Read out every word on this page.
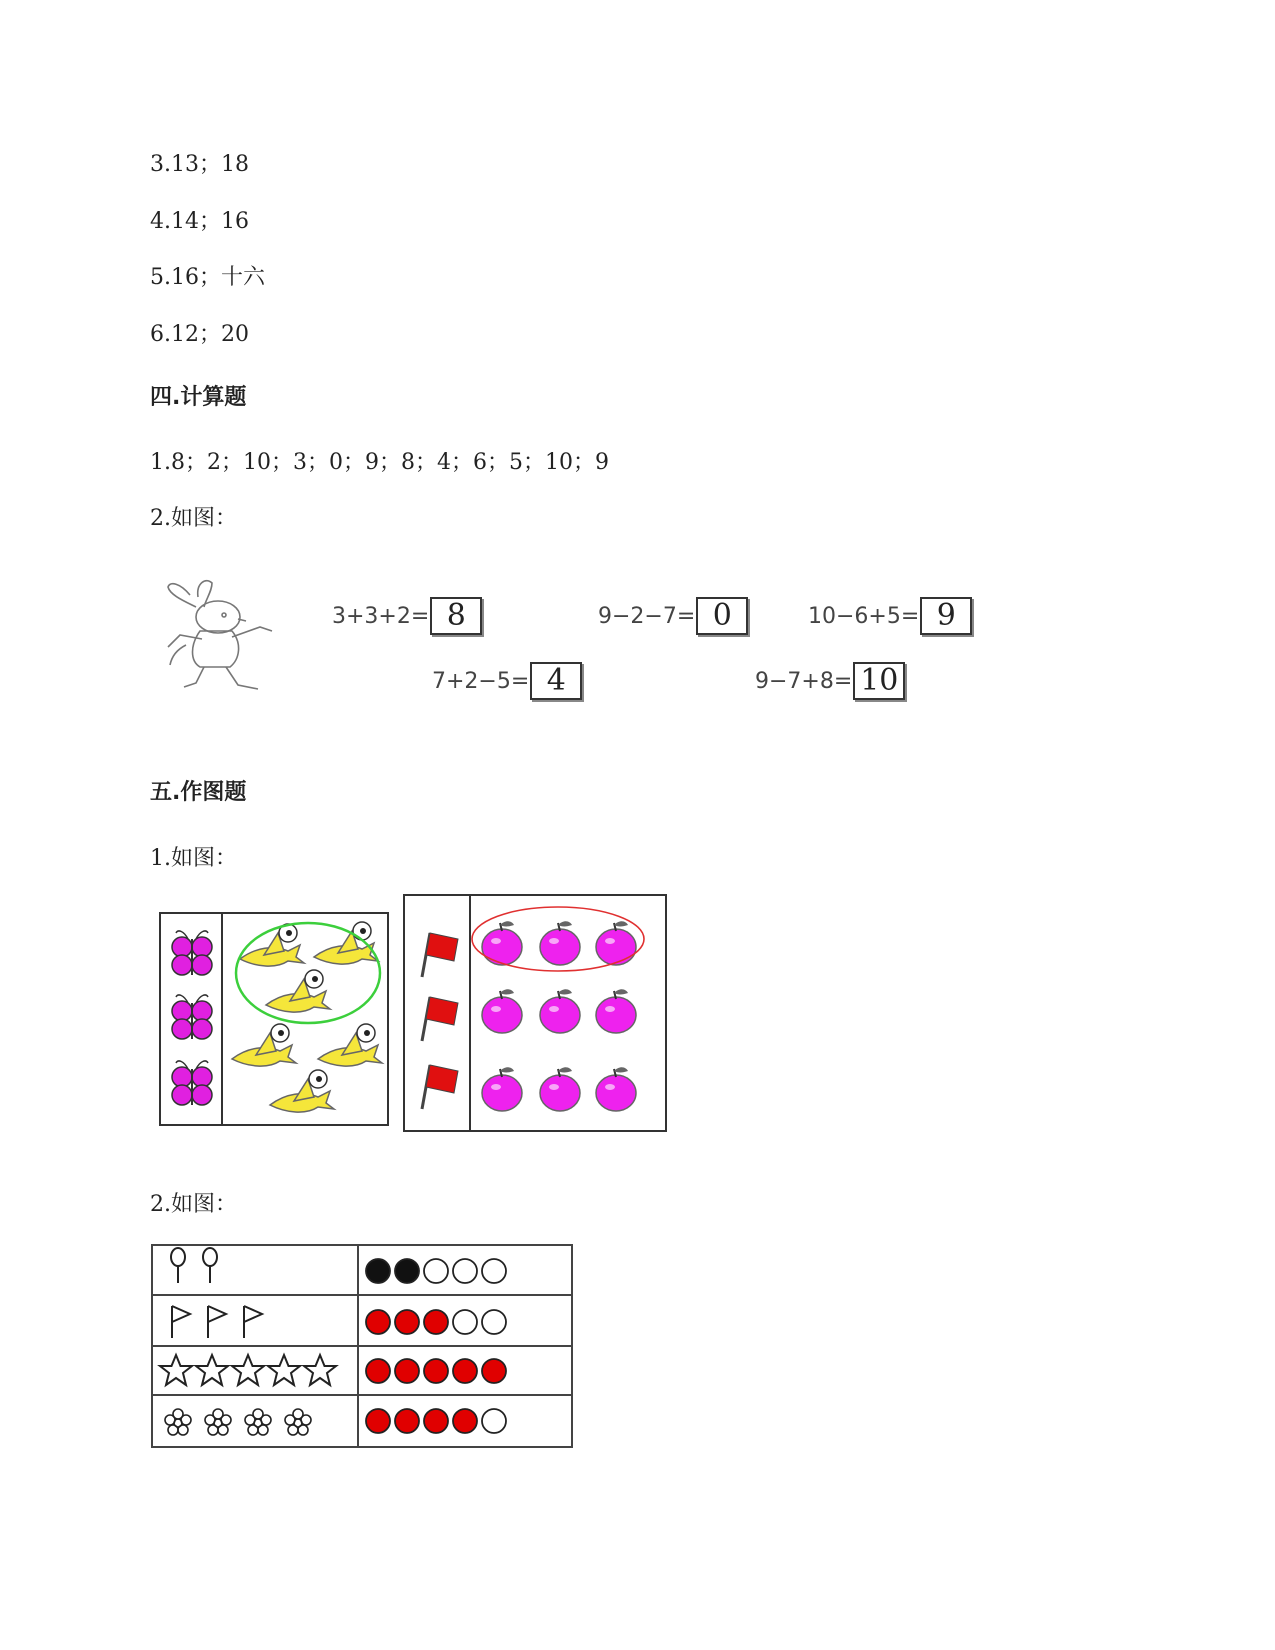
3.13；18
4.14；16
5.16；十六
6.12；20
四.计算题
1.8；2；10；3；0；9；8；4；6；5；10；9
2.如图：
3+3+2= 8	9−2−7= 0	10−6+5= 9
7+2−5= 4	9−7+8= 10
五.作图题
1.如图：
2.如图：
